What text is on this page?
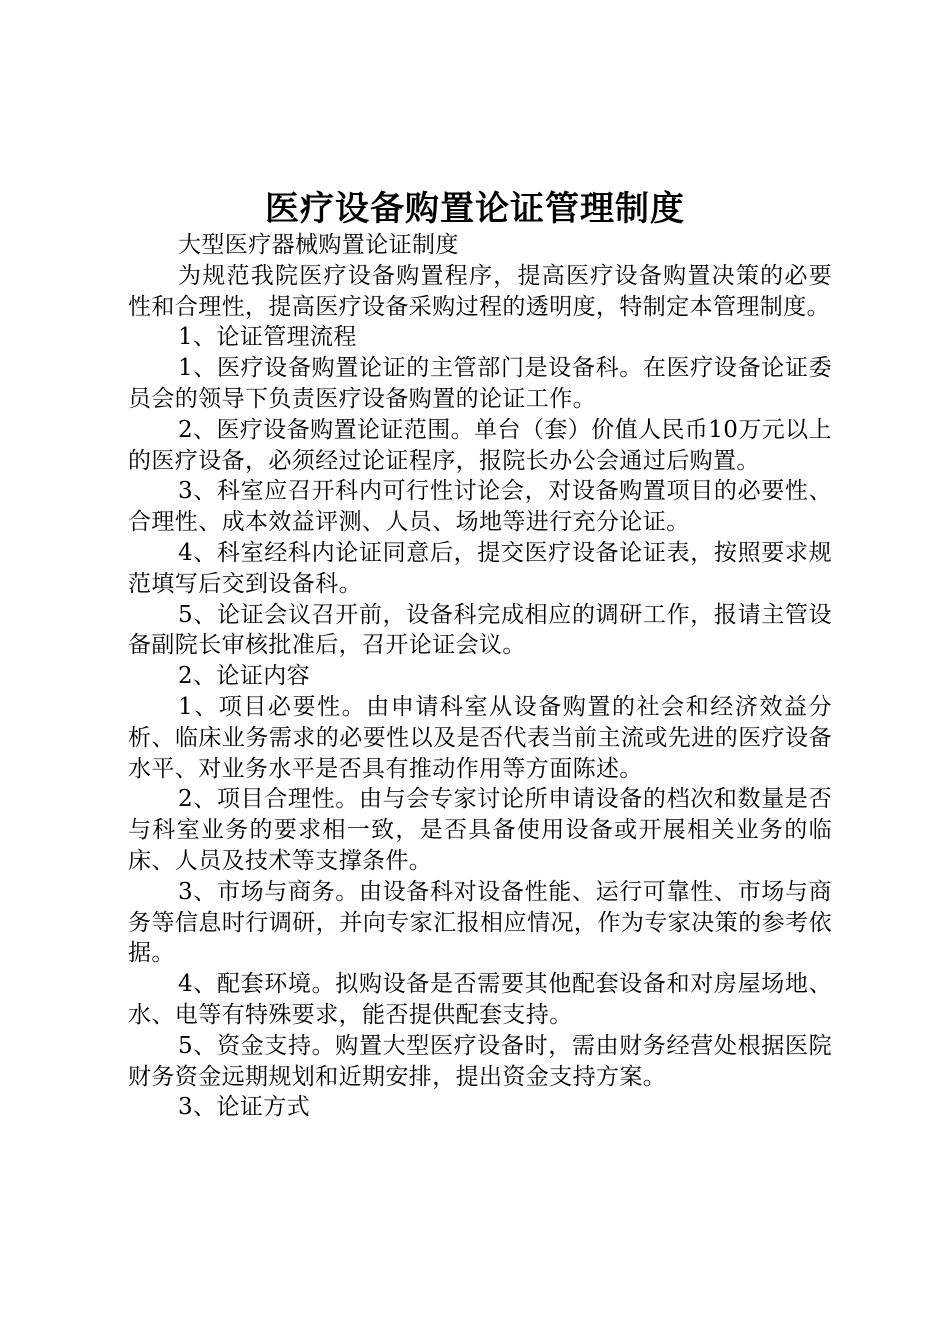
医疗设备购置论证管理制度

大型医疗器械购置论证制度

为规范我院医疗设备购置程序，提高医疗设备购置决策的必要性和合理性，提高医疗设备采购过程的透明度，特制定本管理制度。

1、论证管理流程

1、医疗设备购置论证的主管部门是设备科。在医疗设备论证委员会的领导下负责医疗设备购置的论证工作。

2、医疗设备购置论证范围。单台（套）价值人民币10万元以上的医疗设备，必须经过论证程序，报院长办公会通过后购置。

3、科室应召开科内可行性讨论会，对设备购置项目的必要性、合理性、成本效益评测、人员、场地等进行充分论证。

4、科室经科内论证同意后，提交医疗设备论证表，按照要求规范填写后交到设备科。

5、论证会议召开前，设备科完成相应的调研工作，报请主管设备副院长审核批准后，召开论证会议。

2、论证内容

1、项目必要性。由申请科室从设备购置的社会和经济效益分析、临床业务需求的必要性以及是否代表当前主流或先进的医疗设备水平、对业务水平是否具有推动作用等方面陈述。

2、项目合理性。由与会专家讨论所申请设备的档次和数量是否与科室业务的要求相一致，是否具备使用设备或开展相关业务的临床、人员及技术等支撑条件。

3、市场与商务。由设备科对设备性能、运行可靠性、市场与商务等信息时行调研，并向专家汇报相应情况，作为专家决策的参考依据。

4、配套环境。拟购设备是否需要其他配套设备和对房屋场地、水、电等有特殊要求，能否提供配套支持。

5、资金支持。购置大型医疗设备时，需由财务经营处根据医院财务资金远期规划和近期安排，提出资金支持方案。

3、论证方式
